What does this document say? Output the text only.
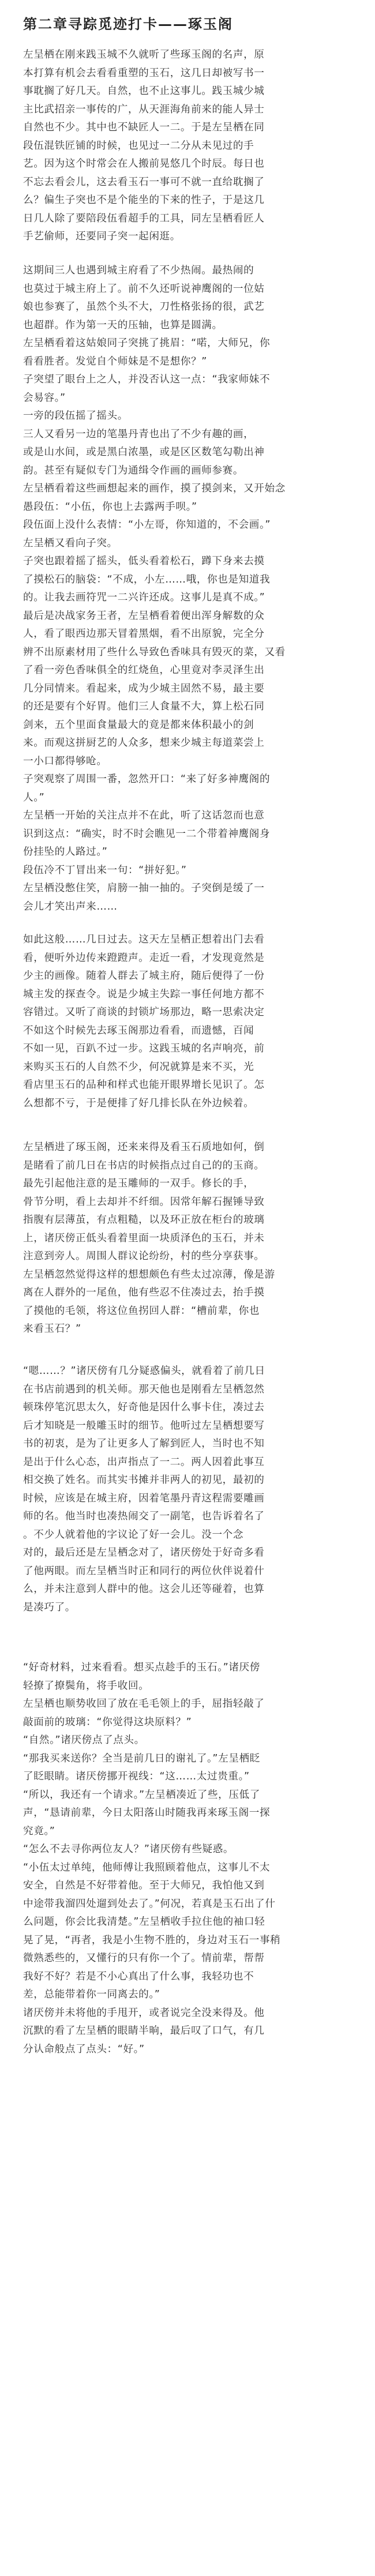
第二章寻踪觅迹打卡——琢玉阁
左呈栖在刚来践玉城不久就听了些琢玉阁的名声，原
本打算有机会去看看重塑的玉石，这几日却被写书一
事耽搁了好几天。自然，也不止这事儿。践玉城少城
主比武招亲一事传的广，从天涯海角前来的能人异士
自然也不少。其中也不缺匠人一二。于是左呈栖在同
段伍混铁匠铺的时候，也见过一二分从未见过的手
艺。因为这个时常会在人搬前晃悠几个时辰。每日也
不忘去看会儿，这去看玉石一事可不就一直给耽搁了
么？偏生子突也不是个能坐的下来的性子，于是这几
日几人除了要陪段伍看超手的工具，同左呈栖看匠人
手艺偷师，还要同子突一起闲逛。
这期间三人也遇到城主府看了不少热闹。最热闹的
也莫过于城主府上了。前不久还听说神鹰阁的一位姑
娘也参赛了，虽然个头不大，刀性格张扬的很，武艺
也超群。作为第一天的压轴，也算是圆满。
左呈栖看着这姑娘同子突挑了挑眉：“喏，大师兄，你
看看胜者。发觉自个师妹是不是想你？”
子突望了眼台上之人，并没否认这一点：“我家师妹不
会易容。”
一旁的段伍摇了摇头。
三人又看另一边的笔墨丹青也出了不少有趣的画，
或是山水间，或是黑白浓墨，或是区区数笔勾勒出神
韵。甚至有疑似专门为通缉令作画的画师参赛。
左呈栖看着这些画想起来的画作，摸了摸剑来，又开始念
愚段伍：“小伍，你也上去露两手呗。”
段伍面上没什么表情：“小左哥，你知道的，不会画。”
左呈栖又看向子突。
子突也跟着摇了摇头，低头看着松石，蹲下身来去摸
了摸松石的脑袋：“不成，小左……哦，你也是知道我
的。让我去画符咒一二兴许还成。这事儿是真不成。”
最后是决战家务王者，左呈栖看着便出浑身解数的众
人，看了眼西边那天冒着黑烟，看不出原貌，完全分
辨不出原素材用了些什么导致色香味具有毁灭的菜，又看
了看一旁色香味俱全的红烧鱼，心里竟对李灵泽生出
几分同情来。看起来，成为少城主固然不易，最主要
的还是要有个好胃。他们三人食量不大，算上松石同
剑来，五个里面食量最大的竟是都来体积最小的剑
来。而观这拼厨艺的人众多，想来少城主每道菜尝上
一小口都得够呛。
子突观察了周围一番，忽然开口：“来了好多神鹰阁的
人。”
左呈栖一开始的关注点并不在此，听了这话忽而也意
识到这点：“确实，时不时会瞧见一二个带着神鹰阁身
份挂坠的人路过。”
段伍冷不丁冒出来一句：“拼好犯。”
左呈栖没憋住笑，肩膀一抽一抽的。子突倒是缓了一
会儿才笑出声来……
如此这般……几日过去。这天左呈栖正想着出门去看
看，便听外边传来蹬蹬声。走近一看，才发现竟然是
少主的画像。随着人群去了城主府，随后便得了一份
城主发的探查令。说是少城主失踪一事任何地方都不
容错过。又听了商谈的封锁圹场那边，略一思索决定
不如这个时候先去琢玉阁那边看看，而遗憾，百闻
不如一见，百趴不过一步。这践玉城的名声响亮，前
来购买玉石的人自然不少，何况就算是来不买，光
看店里玉石的品种和样式也能开眼界增长见识了。怎
么想都不亏，于是便排了好几排长队在外边候着。
左呈栖进了琢玉阁，还来来得及看玉石质地如何，倒
是睹看了前几日在书店的时候指点过自己的的玉商。
最先引起他注意的是玉雕师的一双手。修长的手，
骨节分明，看上去却并不纤细。因常年解石握锤导致
指腹有层薄茧，有点粗糙，以及环正放在柜台的玻璃
上，诸厌傍正低头看着里面一块质泽色的玉石，并未
注意到旁人。周围人群议论纷纷，村的些分享获事。
左呈栖忽然觉得这样的想想颇色有些太过凉薄，像是游
离在人群外的一尾鱼，他有些忍不住凑过去，抬手摸
了摸他的毛领，将这位鱼拐回人群：“槽前辈，你也
来看玉石？”
“嗯……？”诸厌傍有几分疑惑偏头，就看着了前几日
在书店前遇到的机关师。那天他也是刚看左呈栖忽然
顿珠停笔沉思太久，好奇他是因什么事卡住，凑过去
后才知晓是一般雕玉时的细节。他听过左呈栖想要写
书的初衷，是为了让更多人了解到匠人，当时也不知
是出于什么心态，出声指点了一二。两人因着此事互
相交换了姓名。而其实书摊并非两人的初见，最初的
时候，应该是在城主府，因着笔墨丹青这程需要雕画
师的名。他当时也凑热闹交了一副笔，也告诉着名了
。不少人就着他的字议论了好一会儿。没一个念
对的，最后还是左呈栖念对了，诸厌傍处于好奇多看
了他两眼。而左呈栖当时正和同行的两位伙伴说着什
么，并未注意到人群中的他。这会儿还等碰着，也算
是凑巧了。
“好奇材料，过来看看。想买点趁手的玉石。”诸厌傍
轻撩了撩鬓角，将手收回。
左呈栖也顺势收回了放在毛毛领上的手，屈指轻敲了
敲面前的玻璃：“你觉得这块原料？”
“自然。”诸厌傍点了点头。
“那我买来送你？全当是前几日的谢礼了。”左呈栖眨
了眨眼睛。诸厌傍挪开视线：“这……太过贵重。”
“所以，我还有一个请求。”左呈栖凑近了些，压低了
声，“恳请前辈，今日太阳落山时随我再来琢玉阁一探
究竟。”
“怎么不去寻你两位友人？”诸厌傍有些疑惑。
“小伍太过单纯，他师傅让我照顾着他点，这事儿不太
安全，自然是不好带着他。至于大师兄，我怕他又到
中途带我溜四处遛到处去了。”何况，若真是玉石出了什
么问题，你会比我清楚。”左呈栖收手拉住他的袖口轻
晃了晃，“再者，我是小生物不胜的，身边对玉石一事稍
微熟悉些的，又懂行的只有你一个了。情前辈，帮帮
我好不好？若是不小心真出了什么事，我轻功也不
差，总能带着你一同离去的。”
诸厌傍并未将他的手甩开，或者说完全没来得及。他
沉默的看了左呈栖的眼睛半晌，最后叹了口气，有几
分认命般点了点头：“好。”
